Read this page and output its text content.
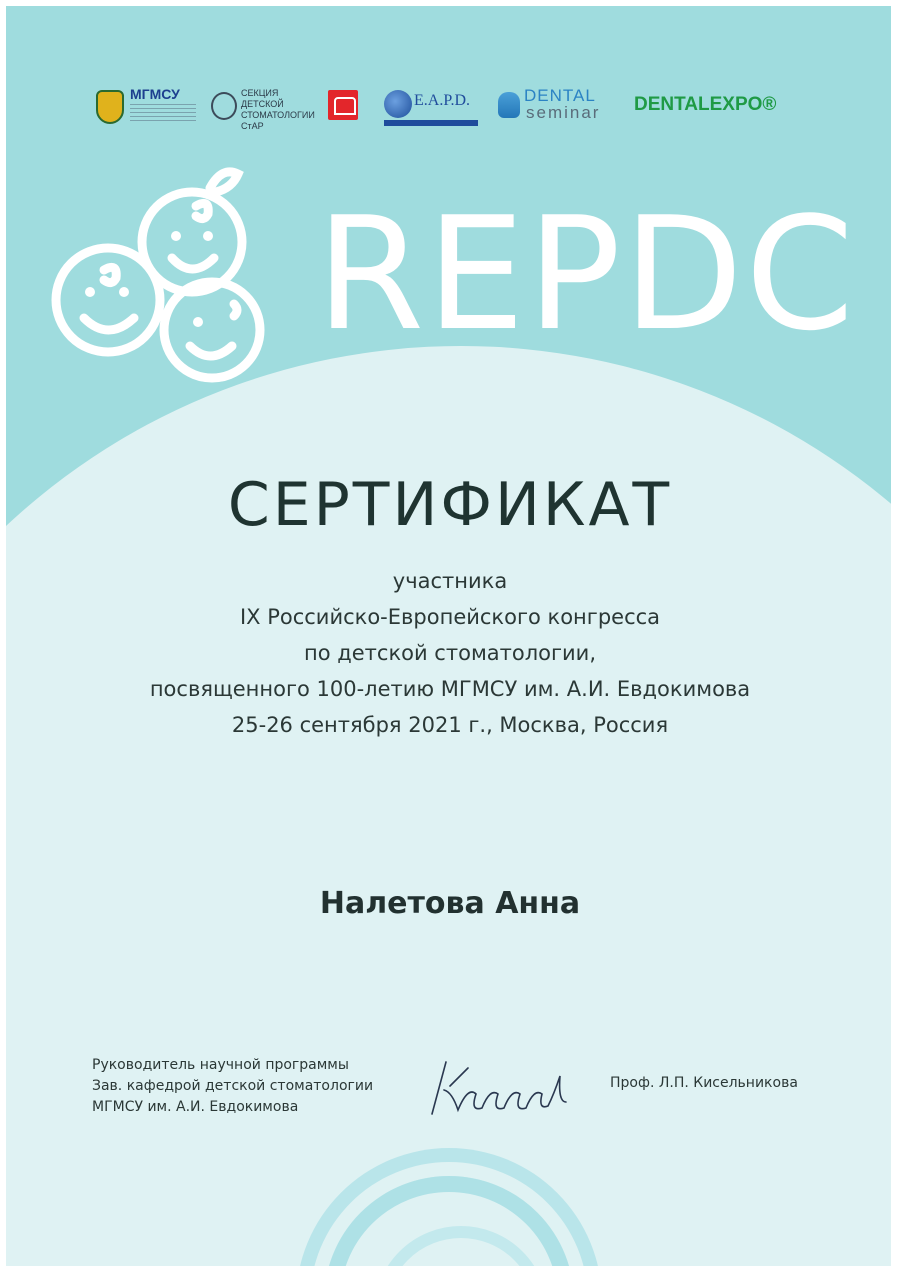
МГМСУ	СЕКЦИЯ ДЕТСКОЙ
СТОМАТОЛОГИИ
СтАР
E.A.P.D.	DENTAL
seminar DENTALEXPO®
REPDC
СЕРТИФИКАТ
участника
IX Российско-Европейского конгресса
по детской стоматологии,
посвященного 100-летию МГМСУ им. А.И. Евдокимова
25-26 сентября 2021 г., Москва, Россия
Налетова Анна
Руководитель научной программы
Зав. кафедрой детской стоматологии
МГМСУ им. А.И. Евдокимова
Проф. Л.П. Кисельникова
